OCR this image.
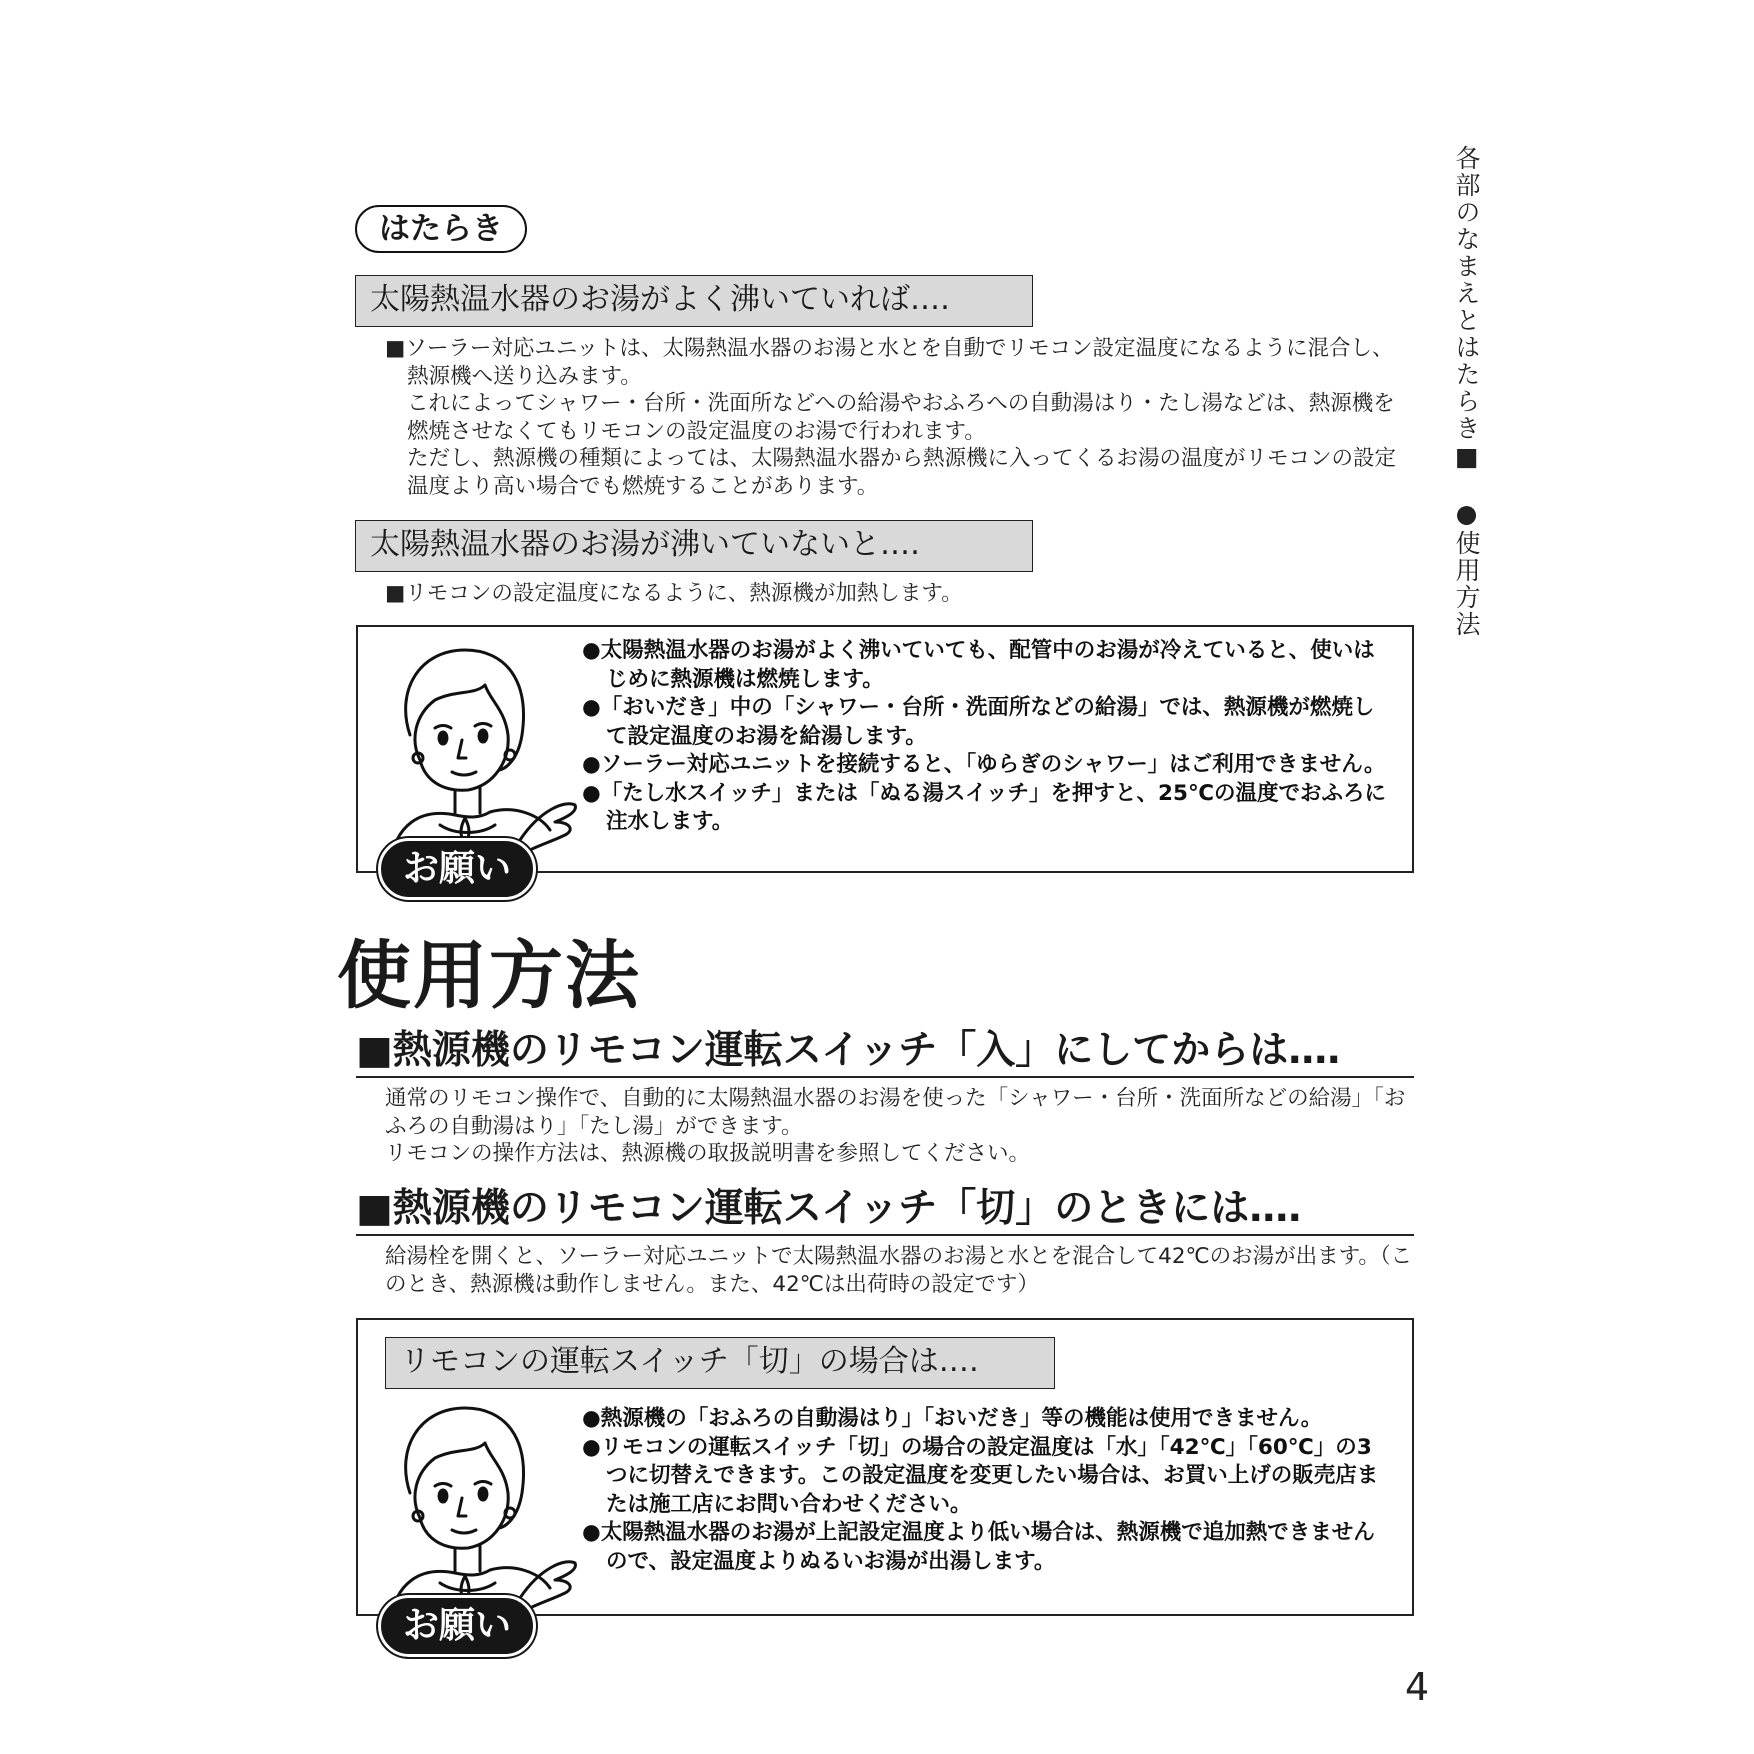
各部のなまえとはたらき■●使用方法
はたらき
太陽熱温水器のお湯がよく沸いていれば‥‥

■ソーラー対応ユニットは、太陽熱温水器のお湯と水とを自動でリモコン設定温度になるように混合し、熱源機へ送り込みます。

これによってシャワー・台所・洗面所などへの給湯やおふろへの自動湯はり・たし湯などは、熱源機を燃焼させなくてもリモコンの設定温度のお湯で行われます。

ただし、熱源機の種類によっては、太陽熱温水器から熱源機に入ってくるお湯の温度がリモコンの設定温度より高い場合でも燃焼することがあります。

太陽熱温水器のお湯が沸いていないと‥‥

■リモコンの設定温度になるように、熱源機が加熱します。

お願い
●太陽熱温水器のお湯がよく沸いていても、配管中のお湯が冷えていると、使いはじめに熱源機は燃焼します。
●「おいだき」中の「シャワー・台所・洗面所などの給湯」では、熱源機が燃焼して設定温度のお湯を給湯します。
●ソーラー対応ユニットを接続すると、「ゆらぎのシャワー」はご利用できません。
●「たし水スイッチ」または「ぬる湯スイッチ」を押すと、25℃の温度でおふろに注水します。
使用方法
■熱源機のリモコン運転スイッチ「入」にしてからは‥‥

通常のリモコン操作で、自動的に太陽熱温水器のお湯を使った「シャワー・台所・洗面所などの給湯」「おふろの自動湯はり」「たし湯」ができます。

リモコンの操作方法は、熱源機の取扱説明書を参照してください。

■熱源機のリモコン運転スイッチ「切」のときには‥‥

給湯栓を開くと、ソーラー対応ユニットで太陽熱温水器のお湯と水とを混合して42℃のお湯が出ます。（このとき、熱源機は動作しません。また、42℃は出荷時の設定です）

リモコンの運転スイッチ「切」の場合は‥‥
お願い
●熱源機の「おふろの自動湯はり」「おいだき」等の機能は使用できません。
●リモコンの運転スイッチ「切」の場合の設定温度は「水」「42℃」「60℃」の3つに切替えできます。この設定温度を変更したい場合は、お買い上げの販売店または施工店にお問い合わせください。
●太陽熱温水器のお湯が上記設定温度より低い場合は、熱源機で追加熱できませんので、設定温度よりぬるいお湯が出湯します。
4
